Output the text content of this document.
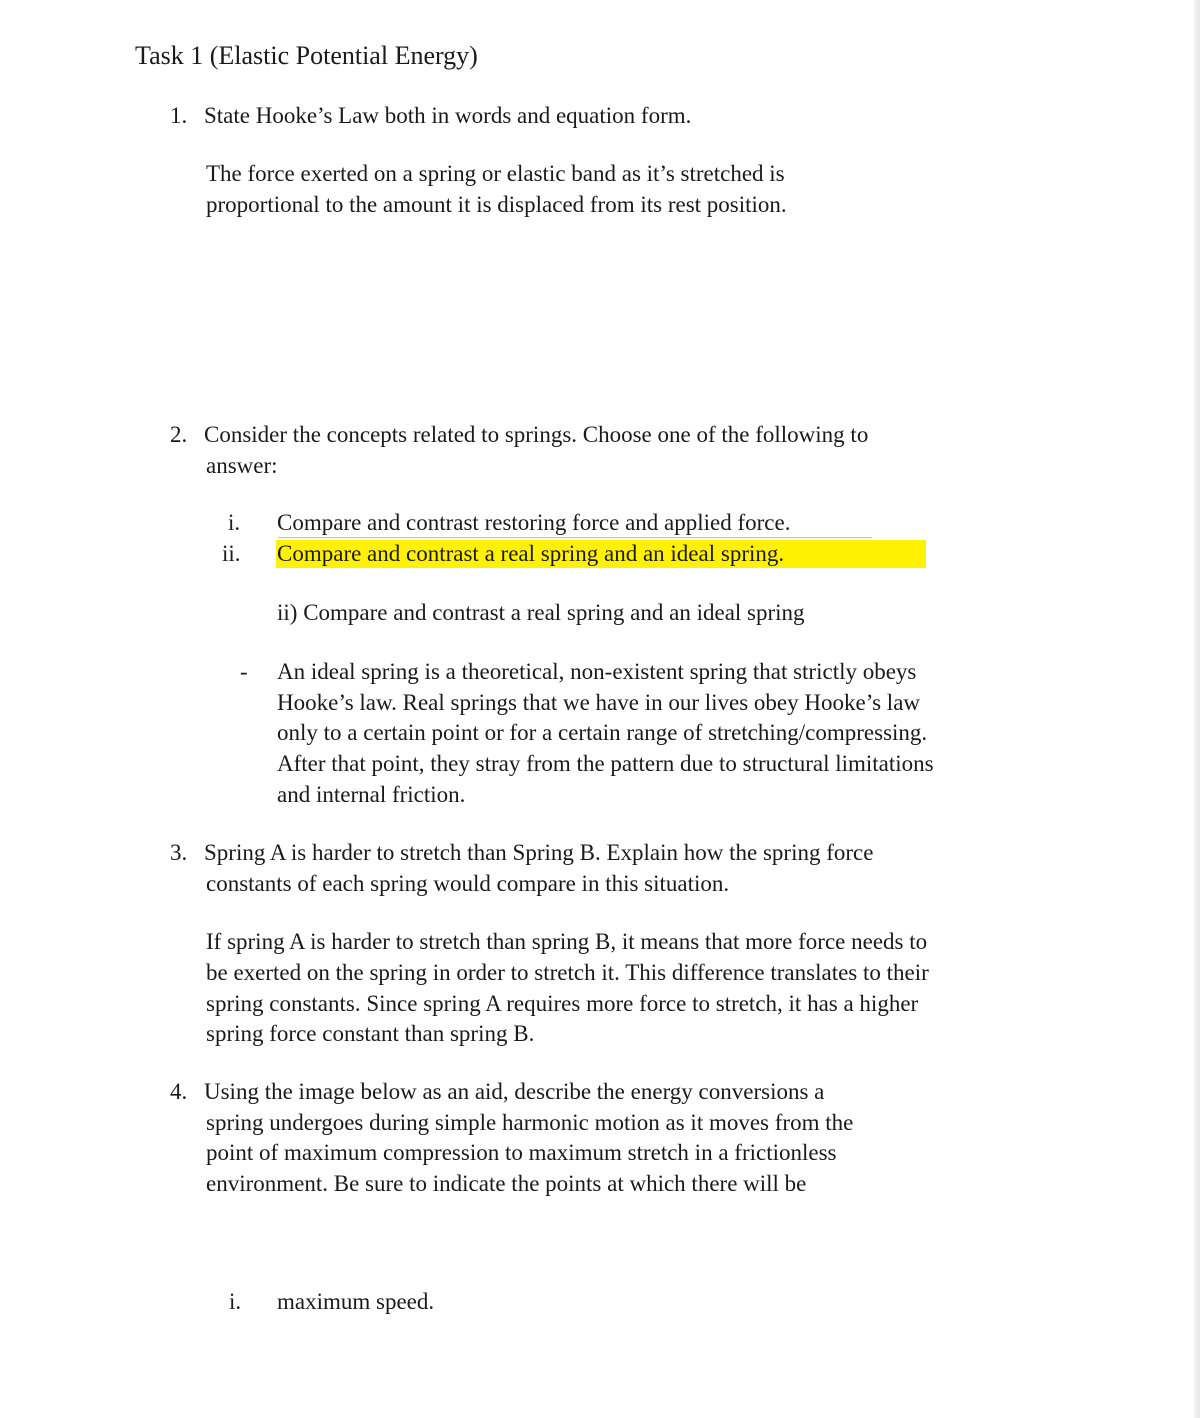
Task 1 (Elastic Potential Energy)
1. State Hooke’s Law both in words and equation form.
The force exerted on a spring or elastic band as it’s stretched is
proportional to the amount it is displaced from its rest position.
2. Consider the concepts related to springs. Choose one of the following to
answer:
i. Compare and contrast restoring force and applied force.
ii. Compare and contrast a real spring and an ideal spring.
ii) Compare and contrast a real spring and an ideal spring
- An ideal spring is a theoretical, non-existent spring that strictly obeys
Hooke’s law. Real springs that we have in our lives obey Hooke’s law
only to a certain point or for a certain range of stretching/compressing.
After that point, they stray from the pattern due to structural limitations
and internal friction.
3. Spring A is harder to stretch than Spring B. Explain how the spring force
constants of each spring would compare in this situation.
If spring A is harder to stretch than spring B, it means that more force needs to
be exerted on the spring in order to stretch it. This difference translates to their
spring constants. Since spring A requires more force to stretch, it has a higher
spring force constant than spring B.
4. Using the image below as an aid, describe the energy conversions a
spring undergoes during simple harmonic motion as it moves from the
point of maximum compression to maximum stretch in a frictionless
environment. Be sure to indicate the points at which there will be
i. maximum speed.
